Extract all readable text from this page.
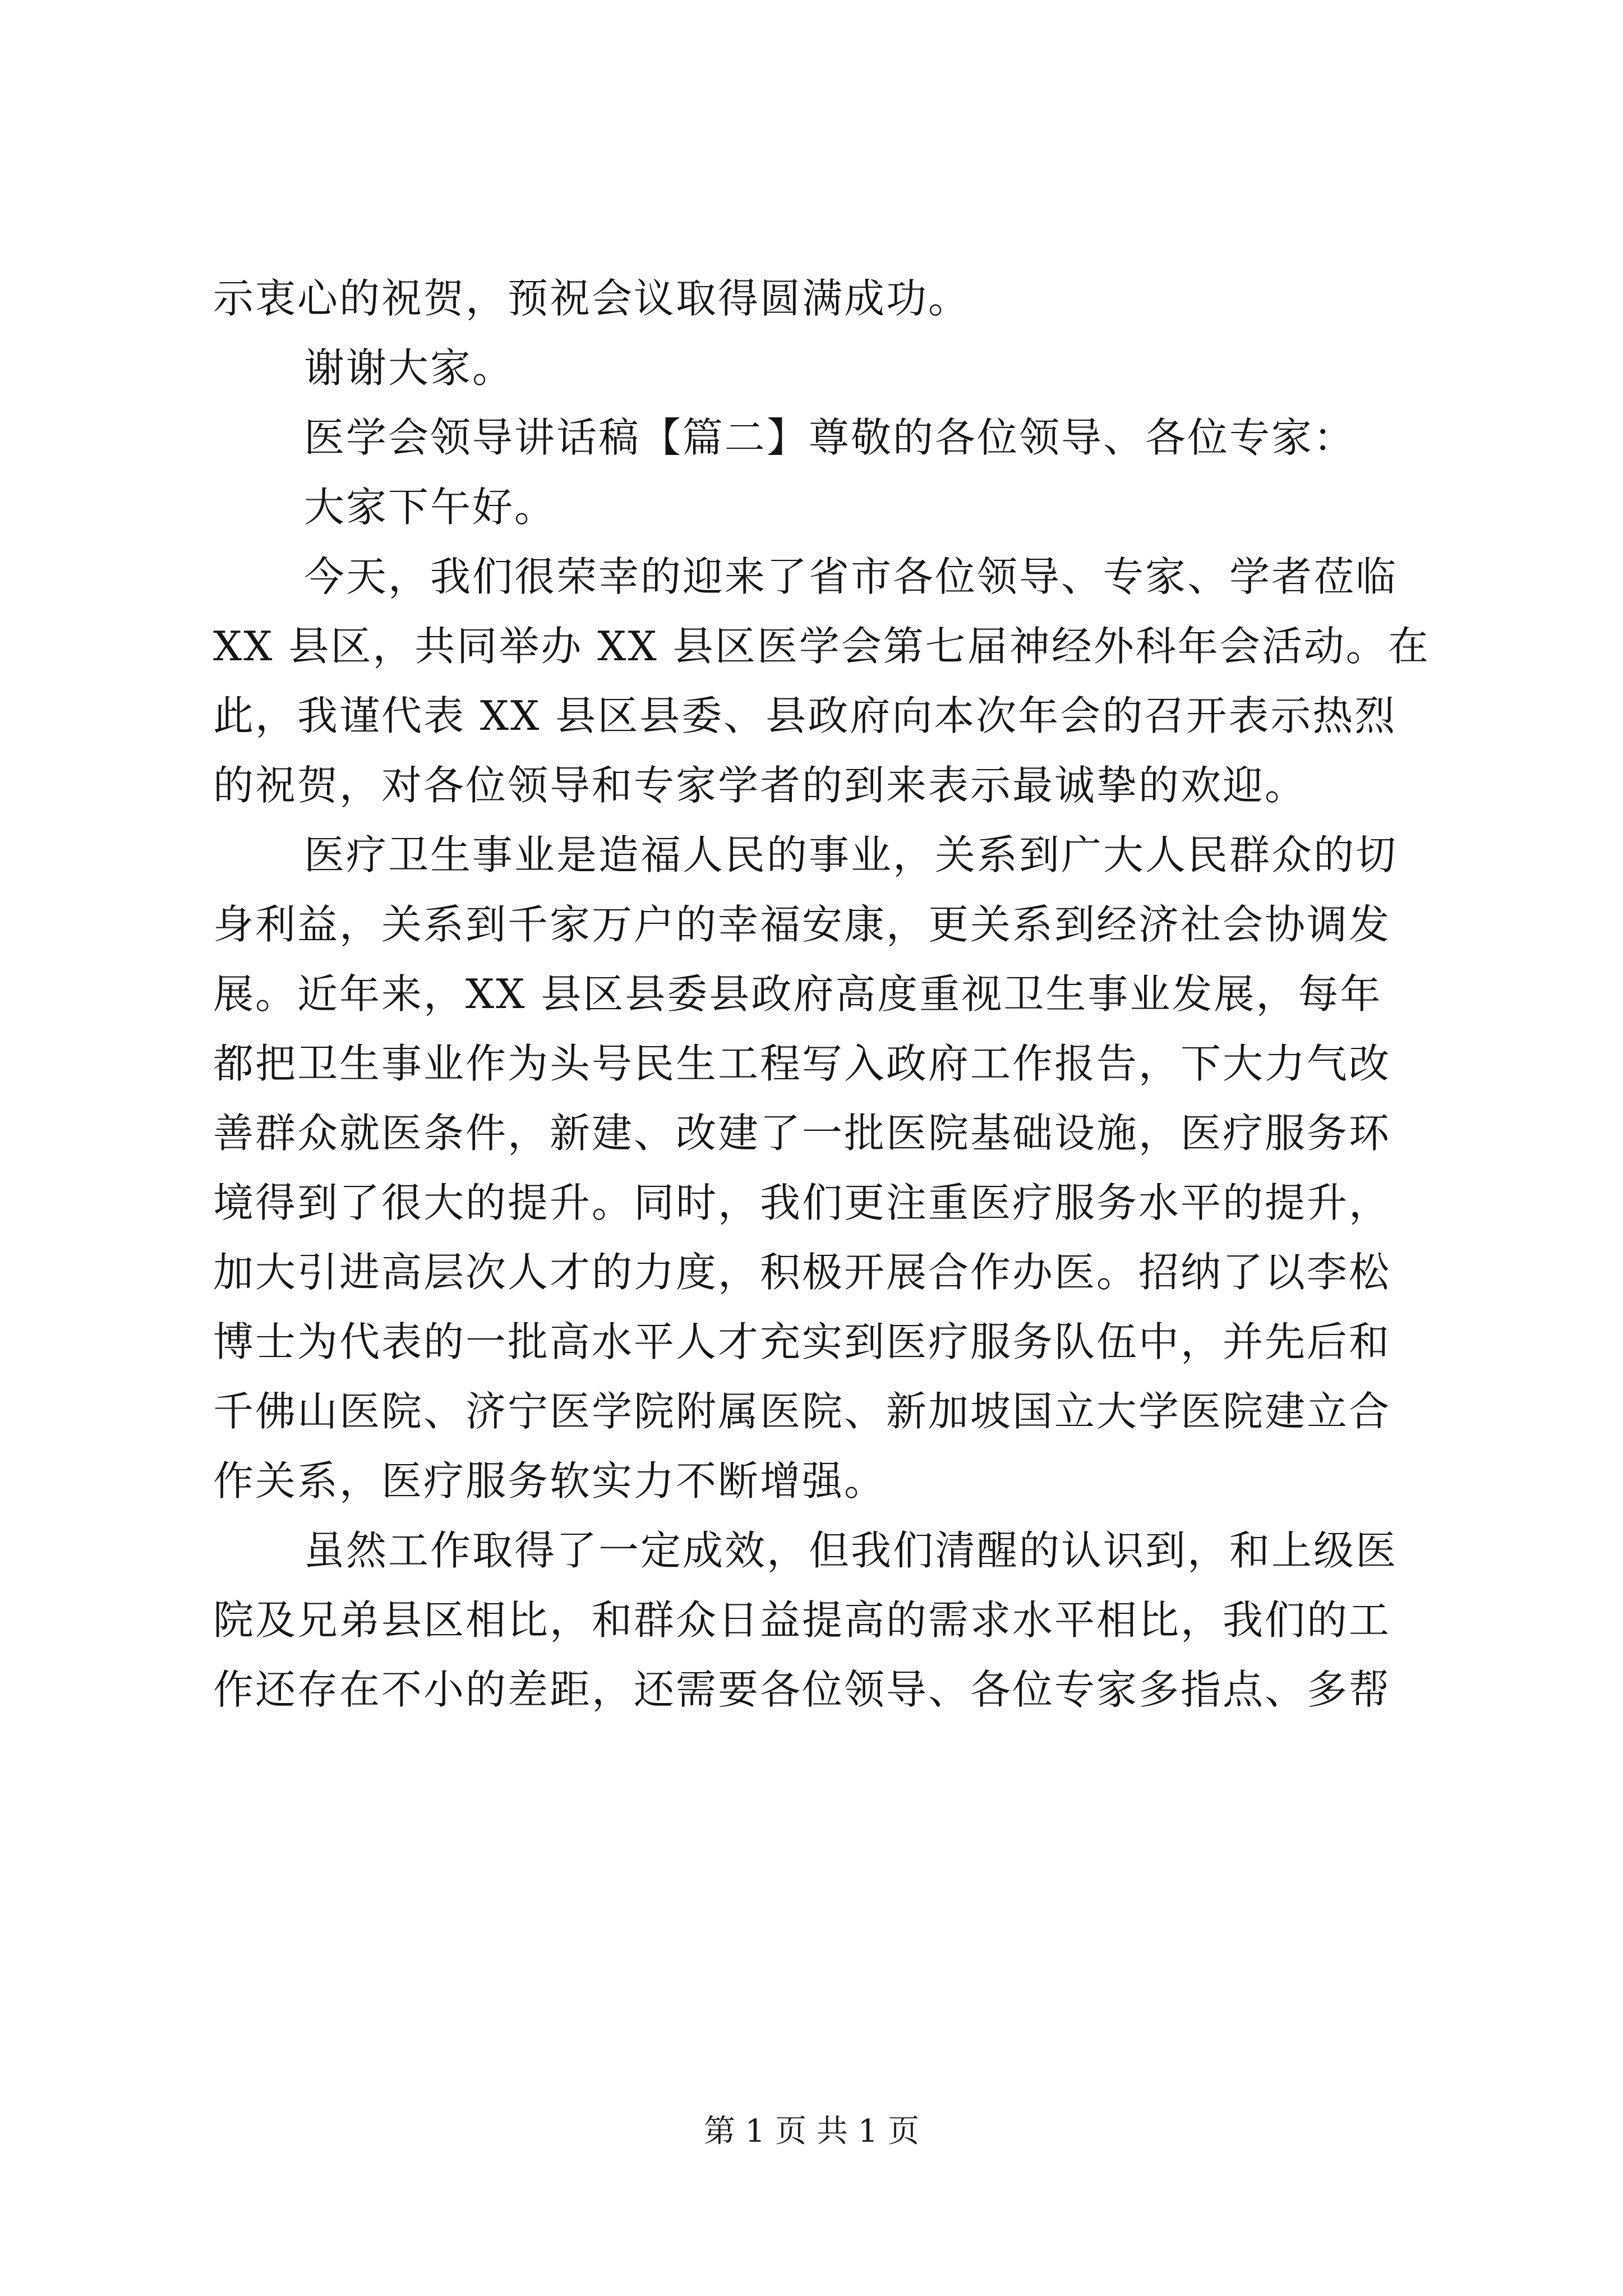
示衷心的祝贺，预祝会议取得圆满成功。
谢谢大家。
医学会领导讲话稿【篇二】尊敬的各位领导、各位专家：
大家下午好。
今天，我们很荣幸的迎来了省市各位领导、专家、学者莅临
XX 县区，共同举办 XX 县区医学会第七届神经外科年会活动。在
此，我谨代表 XX 县区县委、县政府向本次年会的召开表示热烈
的祝贺，对各位领导和专家学者的到来表示最诚挚的欢迎。
医疗卫生事业是造福人民的事业，关系到广大人民群众的切
身利益，关系到千家万户的幸福安康，更关系到经济社会协调发
展。近年来，XX 县区县委县政府高度重视卫生事业发展，每年
都把卫生事业作为头号民生工程写入政府工作报告，下大力气改
善群众就医条件，新建、改建了一批医院基础设施，医疗服务环
境得到了很大的提升。同时，我们更注重医疗服务水平的提升，
加大引进高层次人才的力度，积极开展合作办医。招纳了以李松
博士为代表的一批高水平人才充实到医疗服务队伍中，并先后和
千佛山医院、济宁医学院附属医院、新加坡国立大学医院建立合
作关系，医疗服务软实力不断增强。
虽然工作取得了一定成效，但我们清醒的认识到，和上级医
院及兄弟县区相比，和群众日益提高的需求水平相比，我们的工
作还存在不小的差距，还需要各位领导、各位专家多指点、多帮
第 1 页 共 1 页
